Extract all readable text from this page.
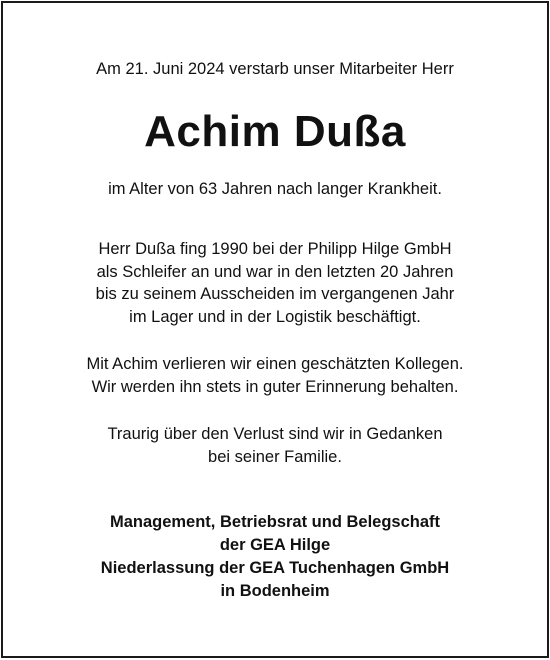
Am 21. Juni 2024 verstarb unser Mitarbeiter Herr
Achim Dußa
im Alter von 63 Jahren nach langer Krankheit.
Herr Dußa fing 1990 bei der Philipp Hilge GmbH
als Schleifer an und war in den letzten 20 Jahren
bis zu seinem Ausscheiden im vergangenen Jahr
im Lager und in der Logistik beschäftigt.
Mit Achim verlieren wir einen geschätzten Kollegen.
Wir werden ihn stets in guter Erinnerung behalten.
Traurig über den Verlust sind wir in Gedanken
bei seiner Familie.
Management, Betriebsrat und Belegschaft
der GEA Hilge
Niederlassung der GEA Tuchenhagen GmbH
in Bodenheim
